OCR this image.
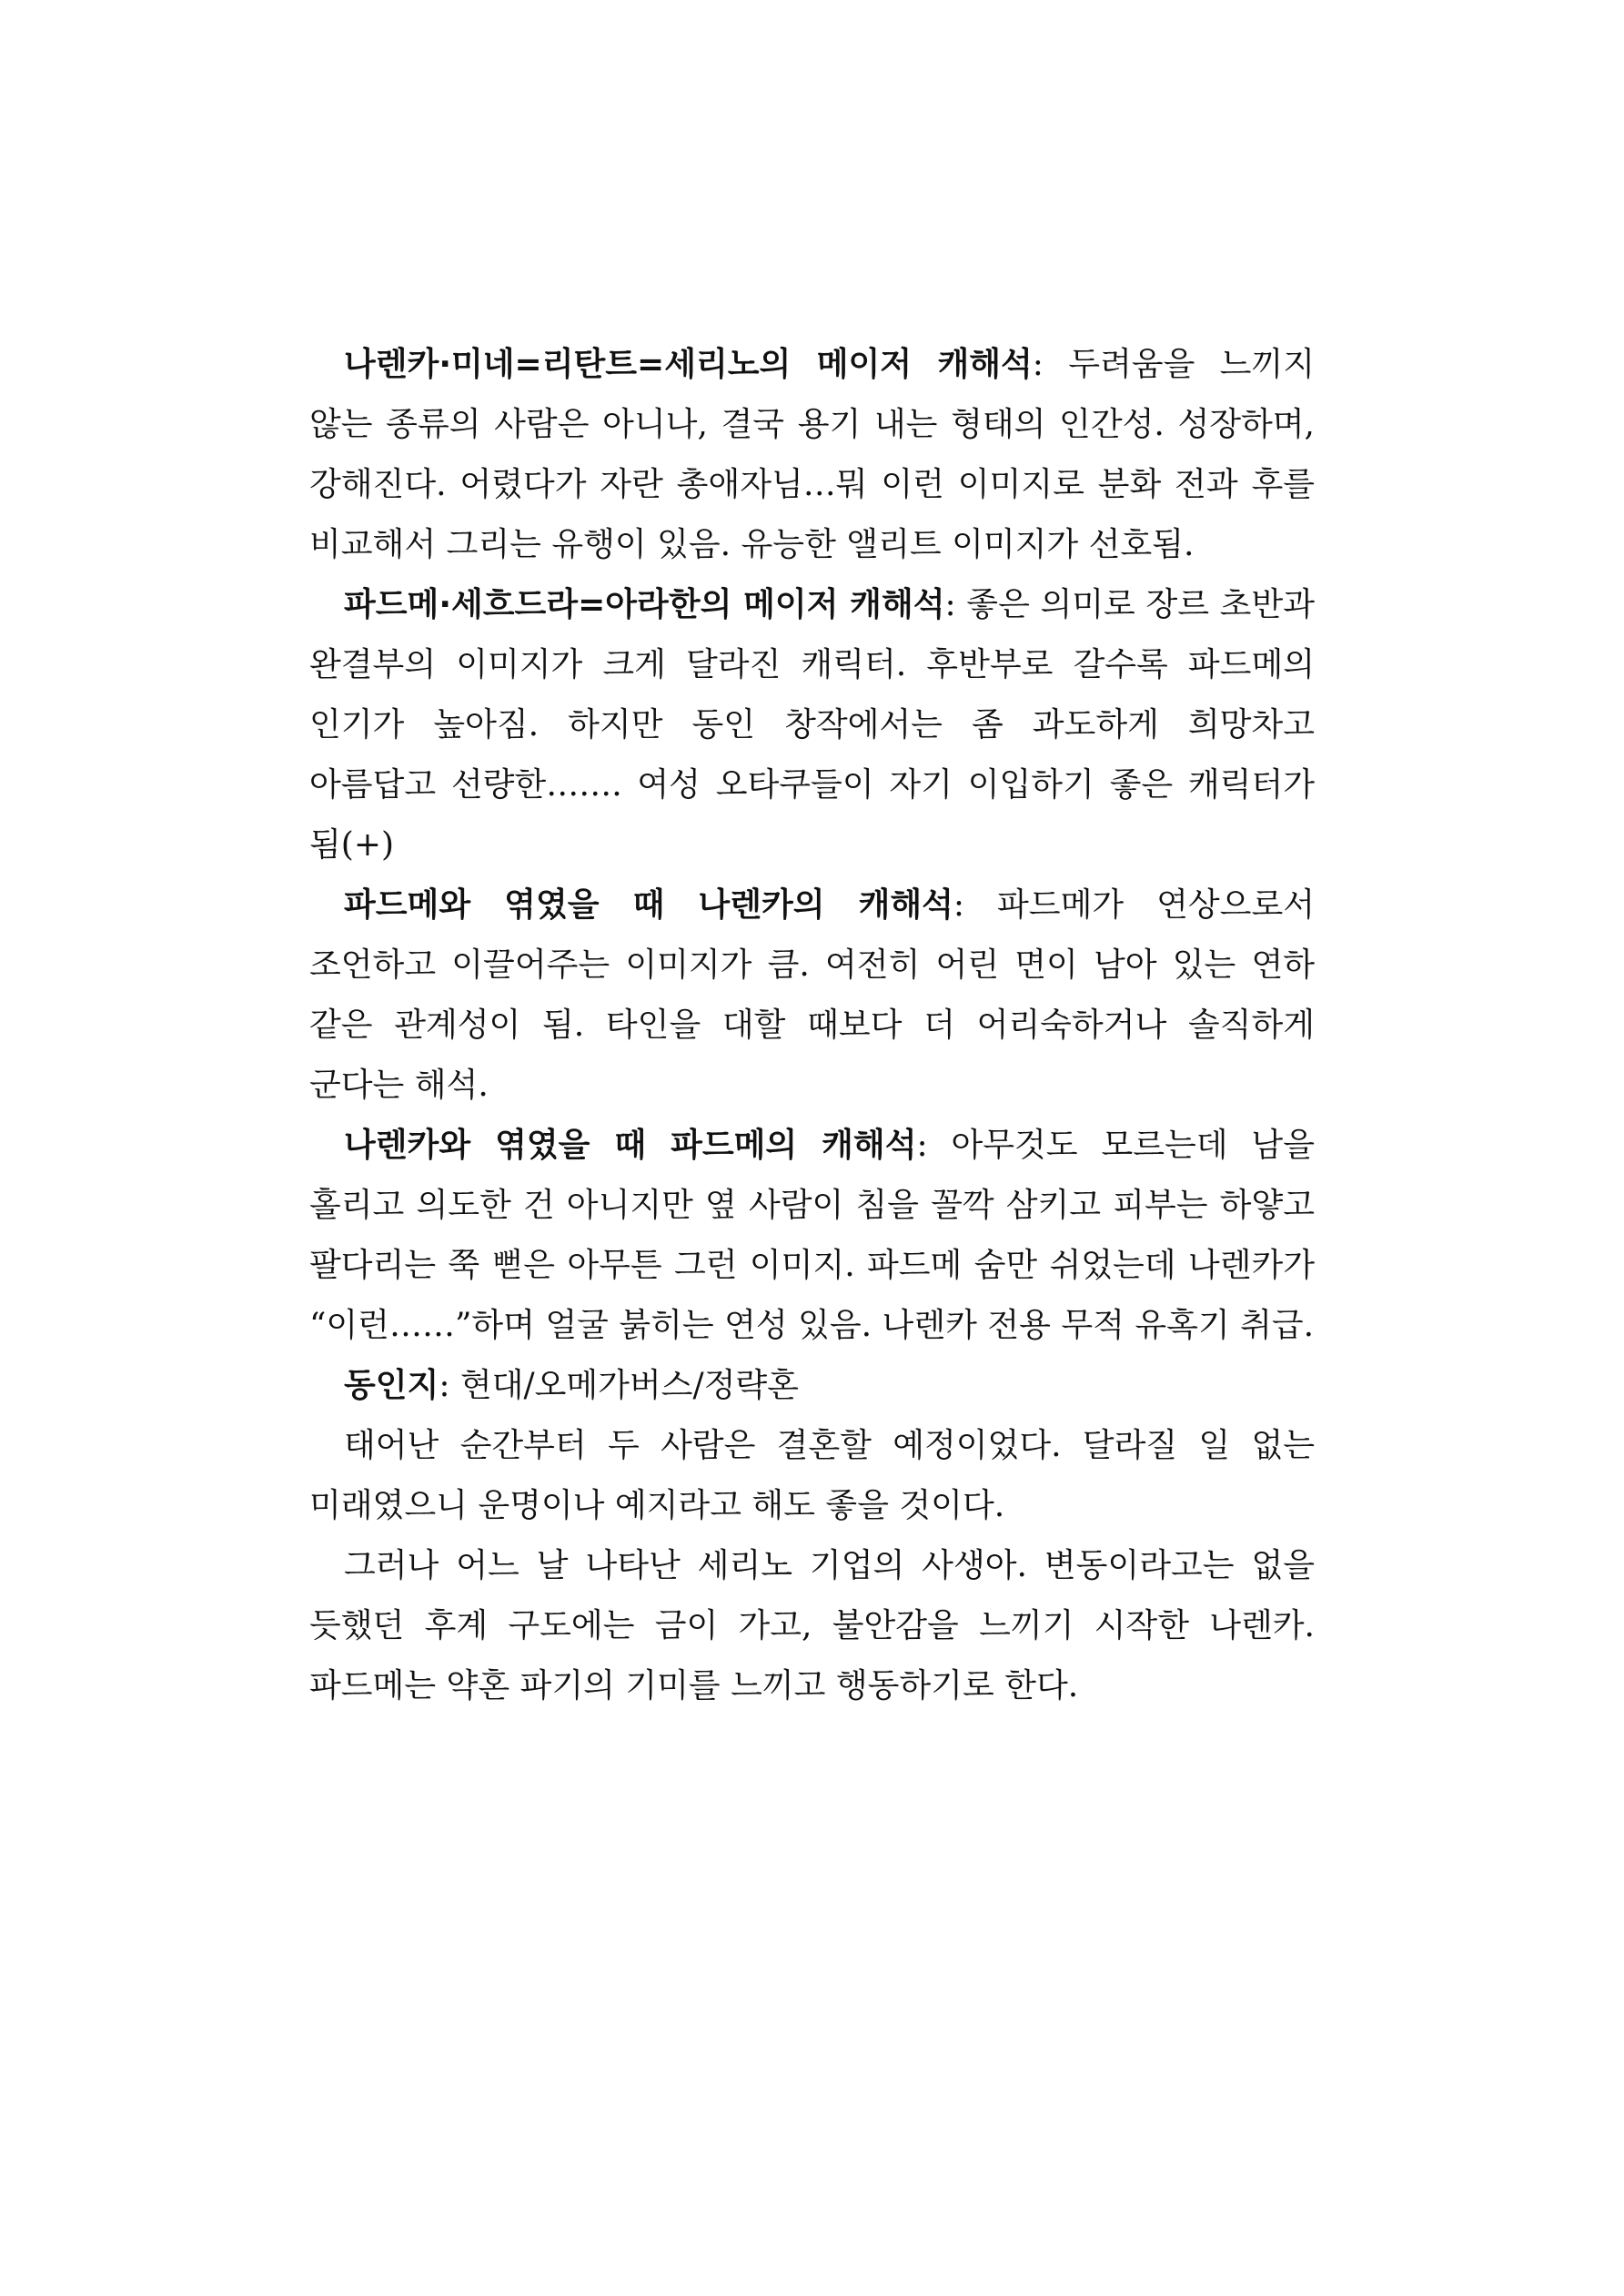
나렌카·미네=리탄트=세리노의 메이저 캐해석: 두려움을 느끼지 않는 종류의 사람은 아니나, 결국 용기 내는 형태의 인간성. 성장하며, 강해진다. 어렸다가 자란 총애자님…뭐 이런 이미지로 분화 전과 후를 비교해서 그리는 유행이 있음. 유능한 앨리트 이미지가 선호됨.

파드메·세흐드라=아라한의 메이저 캐해석: 좋은 의미로 장르 초반과 완결부의 이미지가 크게 달라진 캐릭터. 후반부로 갈수록 파드메의 인기가 높아짐. 하지만 동인 창작에서는 좀 과도하게 희망차고 아름답고 선량한……. 여성 오타쿠들이 자기 이입하기 좋은 캐릭터가 됨(+)

파드메와 엮였을 때 나렌카의 캐해석: 파드메가 연상으로서 조언하고 이끌어주는 이미지가 큼. 여전히 어린 면이 남아 있는 연하 같은 관계성이 됨. 타인을 대할 때보다 더 어리숙하거나 솔직하게 군다는 해석.

나렌카와 엮였을 때 파드메의 캐해석: 아무것도 모르는데 남을 홀리고 의도한 건 아니지만 옆 사람이 침을 꼴깍 삼키고 피부는 하얗고 팔다리는 쭉 뻗은 아무튼 그런 이미지. 파드메 숨만 쉬었는데 나렌카가 “이런……”하며 얼굴 붉히는 연성 있음. 나렌카 전용 무적 유혹기 취급.

동인지: 현대/오메가버스/정략혼

태어난 순간부터 두 사람은 결혼할 예정이었다. 달라질 일 없는 미래였으니 운명이나 예지라고 해도 좋을 것이다.

그러나 어느 날 나타난 세리노 기업의 사생아. 변동이라고는 없을 듯했던 후계 구도에는 금이 가고, 불안감을 느끼기 시작한 나렌카. 파드메는 약혼 파기의 기미를 느끼고 행동하기로 한다.
